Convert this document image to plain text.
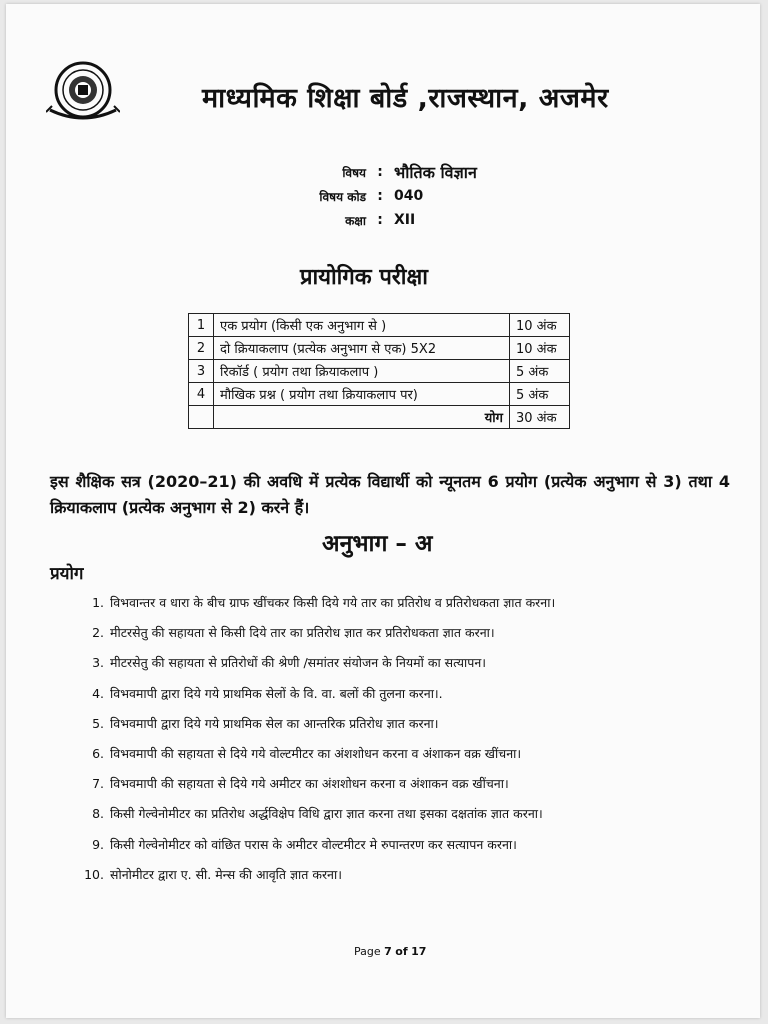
माध्यमिक शिक्षा बोर्ड ,राजस्थान, अजमेर
विषय : भौतिक विज्ञान
विषय कोड : 040
कक्षा : XII
प्रायोगिक परीक्षा
1	एक प्रयोग (किसी एक अनुभाग से )	10 अंक
2	दो क्रियाकलाप (प्रत्येक अनुभाग से एक) 5X2	10 अंक
3	रिकॉर्ड ( प्रयोग तथा क्रियाकलाप )	5 अंक
4	मौखिक प्रश्न ( प्रयोग तथा क्रियाकलाप पर)	5 अंक
	योग	30 अंक
इस शैक्षिक सत्र (2020–21) की अवधि में प्रत्येक विद्यार्थी को न्यूनतम 6 प्रयोग (प्रत्येक अनुभाग से 3) तथा 4 क्रियाकलाप (प्रत्येक अनुभाग से 2) करने हैं।
अनुभाग – अ
प्रयोग
1. विभवान्तर व धारा के बीच ग्राफ खींचकर किसी दिये गये तार का प्रतिरोध व प्रतिरोधकता ज्ञात करना।
2. मीटरसेतु की सहायता से किसी दिये तार का प्रतिरोध ज्ञात कर प्रतिरोधकता ज्ञात करना।
3. मीटरसेतु की सहायता से प्रतिरोधों की श्रेणी /समांतर संयोजन के नियमों का सत्यापन।
4. विभवमापी द्वारा दिये गये प्राथमिक सेलों के वि. वा. बलों की तुलना करना।.
5. विभवमापी द्वारा दिये गये प्राथमिक सेल का आन्तरिक प्रतिरोध ज्ञात करना।
6. विभवमापी की सहायता से दिये गये वोल्टमीटर का अंशशोधन करना व अंशाकन वक्र खींचना।
7. विभवमापी की सहायता से दिये गये अमीटर का अंशशोधन करना व अंशाकन वक्र खींचना।
8. किसी गेल्वेनोमीटर का प्रतिरोध अर्द्धविक्षेप विधि द्वारा ज्ञात करना तथा इसका दक्षतांक ज्ञात करना।
9. किसी गेल्वेनोमीटर को वांछित परास के अमीटर वोल्टमीटर मे रुपान्तरण कर सत्यापन करना।
10. सोनोमीटर द्वारा ए. सी. मेन्स की आवृति ज्ञात करना।
Page 7 of 17
